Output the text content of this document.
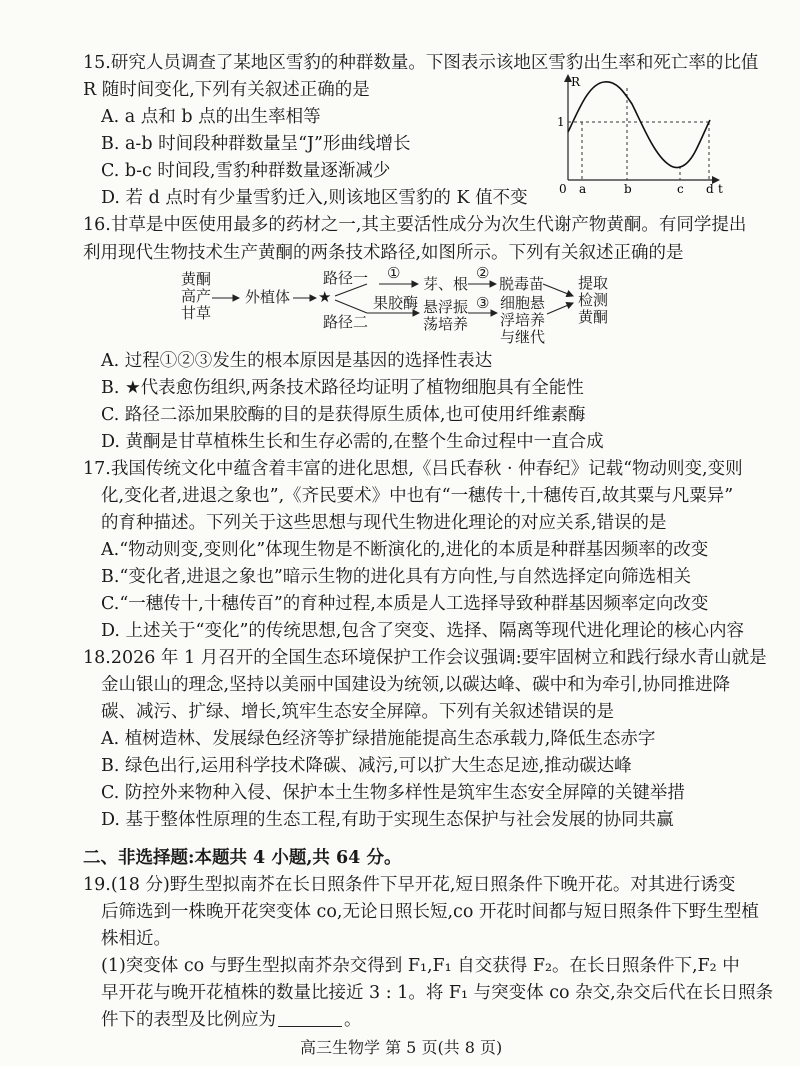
15.研究人员调查了某地区雪豹的种群数量。下图表示该地区雪豹出生率和死亡率的比值
R 随时间变化,下列有关叙述正确的是
A. a 点和 b 点的出生率相等
B. a-b 时间段种群数量呈“J”形曲线增长
C. b-c 时间段,雪豹种群数量逐渐减少
D. 若 d 点时有少量雪豹迁入,则该地区雪豹的 K 值不变
R
1
0 a	b	c d t
16.甘草是中医使用最多的药材之一,其主要活性成分为次生代谢产物黄酮。有同学提出
利用现代生物技术生产黄酮的两条技术路径,如图所示。下列有关叙述正确的是
黄酮
高产
甘草
外植体 ★
路径一
路径二
①	②
③
芽、根 脱毒苗
果胶酶 悬浮振
荡培养
细胞悬
浮培养
与继代
提取
检测
黄酮
A. 过程①②③发生的根本原因是基因的选择性表达
B. ★代表愈伤组织,两条技术路径均证明了植物细胞具有全能性
C. 路径二添加果胶酶的目的是获得原生质体,也可使用纤维素酶
D. 黄酮是甘草植株生长和生存必需的,在整个生命过程中一直合成
17.我国传统文化中蕴含着丰富的进化思想,《吕氏春秋 · 仲春纪》记载“物动则变,变则
化,变化者,进退之象也”,《齐民要术》中也有“一穗传十,十穗传百,故其粟与凡粟异”
的育种描述。下列关于这些思想与现代生物进化理论的对应关系,错误的是
A.“物动则变,变则化”体现生物是不断演化的,进化的本质是种群基因频率的改变
B.“变化者,进退之象也”暗示生物的进化具有方向性,与自然选择定向筛选相关
C.“一穗传十,十穗传百”的育种过程,本质是人工选择导致种群基因频率定向改变
D. 上述关于“变化”的传统思想,包含了突变、选择、隔离等现代进化理论的核心内容
18.2026 年 1 月召开的全国生态环境保护工作会议强调:要牢固树立和践行绿水青山就是
金山银山的理念,坚持以美丽中国建设为统领,以碳达峰、碳中和为牵引,协同推进降
碳、减污、扩绿、增长,筑牢生态安全屏障。下列有关叙述错误的是
A. 植树造林、发展绿色经济等扩绿措施能提高生态承载力,降低生态赤字
B. 绿色出行,运用科学技术降碳、减污,可以扩大生态足迹,推动碳达峰
C. 防控外来物种入侵、保护本土生物多样性是筑牢生态安全屏障的关键举措
D. 基于整体性原理的生态工程,有助于实现生态保护与社会发展的协同共赢
二、非选择题:本题共 4 小题,共 64 分。
19.(18 分)野生型拟南芥在长日照条件下早开花,短日照条件下晚开花。对其进行诱变
后筛选到一株晚开花突变体 co,无论日照长短,co 开花时间都与短日照条件下野生型植
株相近。
(1)突变体 co 与野生型拟南芥杂交得到 F₁,F₁ 自交获得 F₂。在长日照条件下,F₂ 中
早开花与晚开花植株的数量比接近 3 : 1。将 F₁ 与突变体 co 杂交,杂交后代在长日照条
件下的表型及比例应为	。
高三生物学 第 5 页(共 8 页)
